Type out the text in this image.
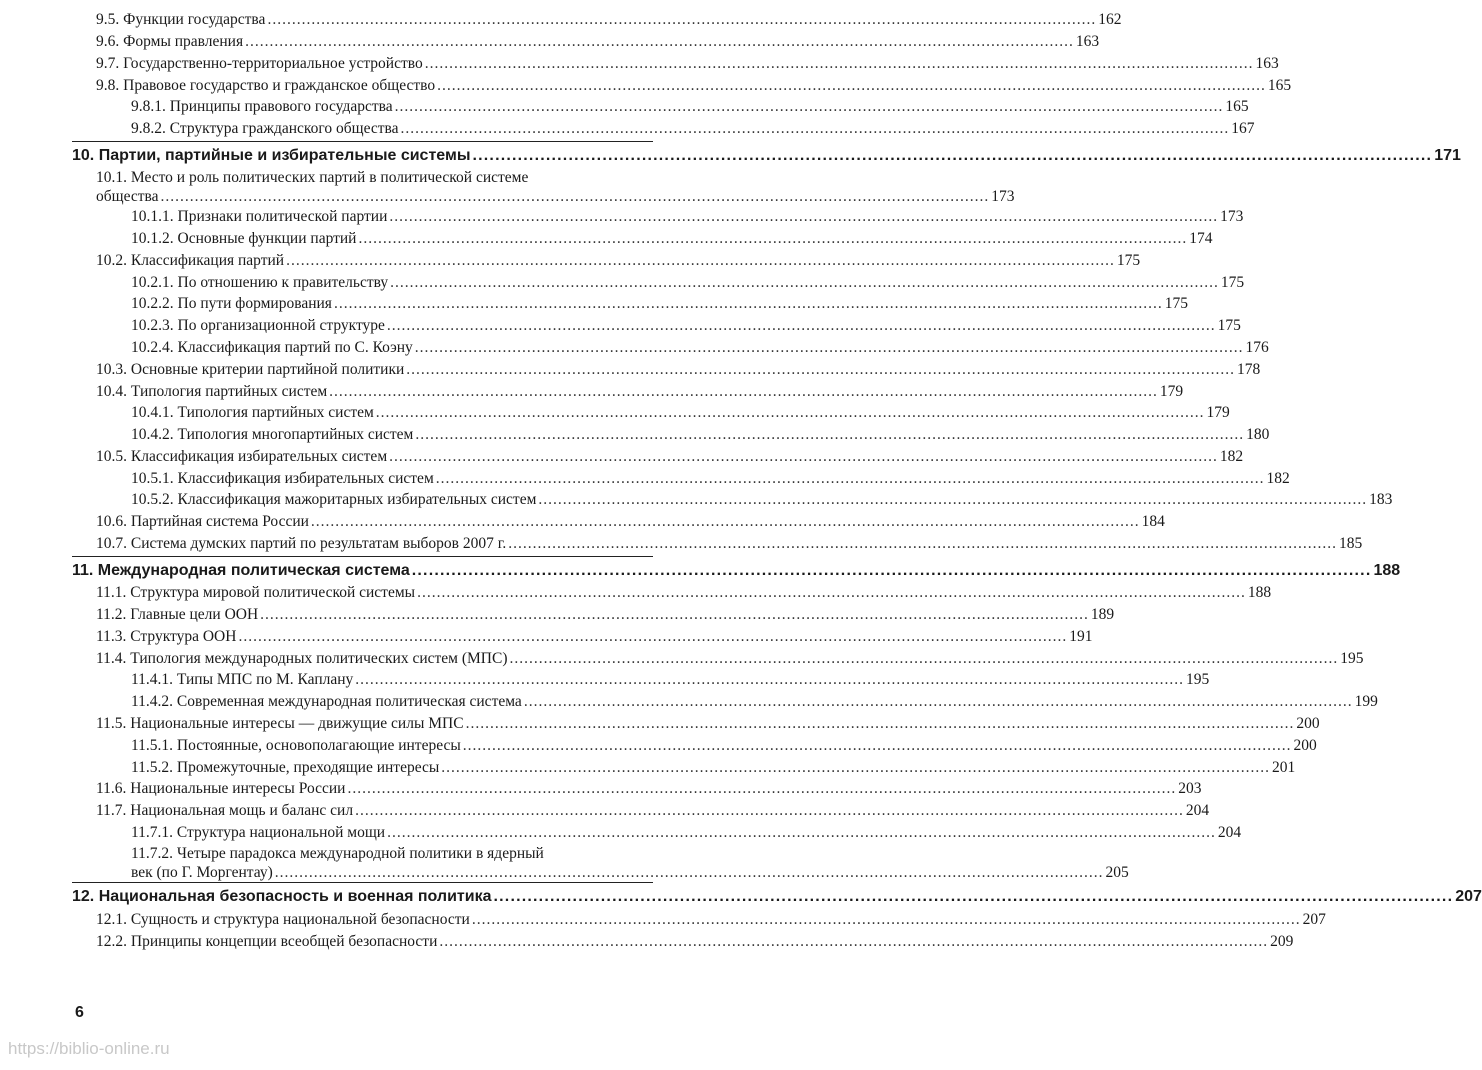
9.5. Функции государства .......................................................................................................................................................................... 162
9.6. Формы правления .......................................................................................................................................................................... 163
9.7. Государственно-территориальное устройство .......................................................................................................................................................................... 163
9.8. Правовое государство и гражданское общество .......................................................................................................................................................................... 165
9.8.1. Принципы правового государства .......................................................................................................................................................................... 165
9.8.2. Структура гражданского общества .......................................................................................................................................................................... 167
10. Партии, партийные и избирательные системы .......................................................................................................................................................................... 171
10.1. Место и роль политических партий в политической системе
общества .......................................................................................................................................................................... 173
10.1.1. Признаки политической партии .......................................................................................................................................................................... 173
10.1.2. Основные функции партий .......................................................................................................................................................................... 174
10.2. Классификация партий .......................................................................................................................................................................... 175
10.2.1. По отношению к правительству .......................................................................................................................................................................... 175
10.2.2. По пути формирования .......................................................................................................................................................................... 175
10.2.3. По организационной структуре .......................................................................................................................................................................... 175
10.2.4. Классификация партий по С. Коэну .......................................................................................................................................................................... 176
10.3. Основные критерии партийной политики .......................................................................................................................................................................... 178
10.4. Типология партийных систем .......................................................................................................................................................................... 179
10.4.1. Типология партийных систем .......................................................................................................................................................................... 179
10.4.2. Типология многопартийных систем .......................................................................................................................................................................... 180
10.5. Классификация избирательных систем .......................................................................................................................................................................... 182
10.5.1. Классификация избирательных систем .......................................................................................................................................................................... 182
10.5.2. Классификация мажоритарных избирательных систем .......................................................................................................................................................................... 183
10.6. Партийная система России .......................................................................................................................................................................... 184
10.7. Система думских партий по результатам выборов 2007 г. .......................................................................................................................................................................... 185
11. Международная политическая система .......................................................................................................................................................................... 188
11.1. Структура мировой политической системы .......................................................................................................................................................................... 188
11.2. Главные цели ООН .......................................................................................................................................................................... 189
11.3. Структура ООН .......................................................................................................................................................................... 191
11.4. Типология международных политических систем (МПС) .......................................................................................................................................................................... 195
11.4.1. Типы МПС по М. Каплану .......................................................................................................................................................................... 195
11.4.2. Современная международная политическая система .......................................................................................................................................................................... 199
11.5. Национальные интересы — движущие силы МПС .......................................................................................................................................................................... 200
11.5.1. Постоянные, основополагающие интересы .......................................................................................................................................................................... 200
11.5.2. Промежуточные, преходящие интересы .......................................................................................................................................................................... 201
11.6. Национальные интересы России .......................................................................................................................................................................... 203
11.7. Национальная мощь и баланс сил .......................................................................................................................................................................... 204
11.7.1. Структура национальной мощи .......................................................................................................................................................................... 204
11.7.2. Четыре парадокса международной политики в ядерный
век (по Г. Моргентау) .......................................................................................................................................................................... 205
12. Национальная безопасность и военная политика .......................................................................................................................................................................... 207
12.1. Сущность и структура национальной безопасности .......................................................................................................................................................................... 207
12.2. Принципы концепции всеобщей безопасности .......................................................................................................................................................................... 209
6
https://biblio-online.ru
